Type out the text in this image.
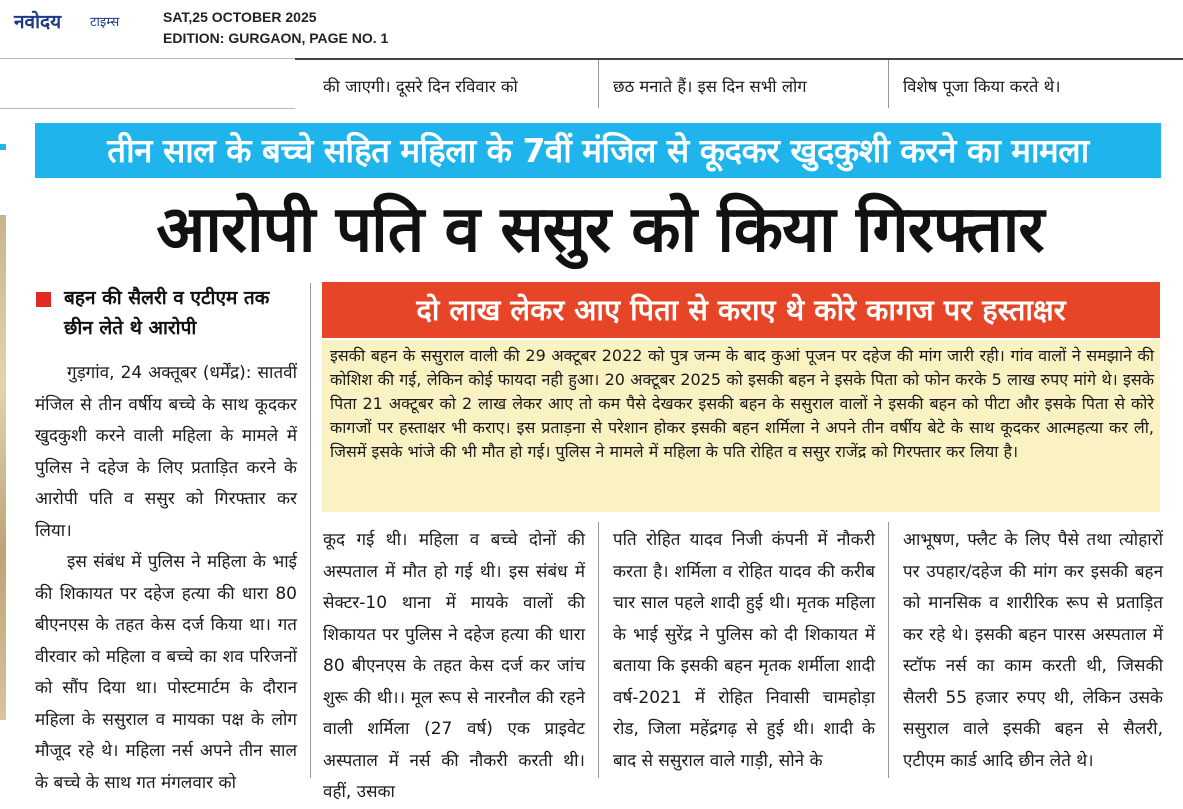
नवोदय टाइम्स	SAT,25 OCTOBER 2025
EDITION: GURGAON, PAGE NO. 1
की जाएगी। दूसरे दिन रविवार को	छठ मनाते हैं। इस दिन सभी लोग	विशेष पूजा किया करते थे।
तीन साल के बच्चे सहित महिला के 7वीं मंजिल से कूदकर खुदकुशी करने का मामला
आरोपी पति व ससुर को किया गिरफ्तार
दो लाख लेकर आए पिता से कराए थे कोरे कागज पर हस्ताक्षर
इसकी बहन के ससुराल वाली की 29 अक्टूबर 2022 को पुत्र जन्म के बाद कुआं पूजन पर दहेज की मांग जारी रही। गांव वालों ने समझाने की कोशिश की गई, लेकिन कोई फायदा नही हुआ। 20 अक्टूबर 2025 को इसकी बहन ने इसके पिता को फोन करके 5 लाख रुपए मांगे थे। इसके पिता 21 अक्टूबर को 2 लाख लेकर आए तो कम पैसे देखकर इसकी बहन के ससुराल वालों ने इसकी बहन को पीटा और इसके पिता से कोरे कागजों पर हस्ताक्षर भी कराए। इस प्रताड़ना से परेशान होकर इसकी बहन शर्मिला ने अपने तीन वर्षीय बेटे के साथ कूदकर आत्महत्या कर ली, जिसमें इसके भांजे की भी मौत हो गई। पुलिस ने मामले में महिला के पति रोहित व ससुर राजेंद्र को गिरफ्तार कर लिया है।
बहन की सैलरी व एटीएम तक छीन लेते थे आरोपी

गुड़गांव, 24 अक्तूबर (धर्मेंद्र): सातवीं मंजिल से तीन वर्षीय बच्चे के साथ कूदकर खुदकुशी करने वाली महिला के मामले में पुलिस ने दहेज के लिए प्रताड़ित करने के आरोपी पति व ससुर को गिरफ्तार कर लिया।

इस संबंध में पुलिस ने महिला के भाई की शिकायत पर दहेज हत्या की धारा 80 बीएनएस के तहत केस दर्ज किया था। गत वीरवार को महिला व बच्चे का शव परिजनों को सौंप दिया था। पोस्टमार्टम के दौरान महिला के ससुराल व मायका पक्ष के लोग मौजूद रहे थे। महिला नर्स अपने तीन साल के बच्चे के साथ गत मंगलवार को

कूद गई थी। महिला व बच्चे दोनों की अस्पताल में मौत हो गई थी। इस संबंध में सेक्टर-10 थाना में मायके वालों की शिकायत पर पुलिस ने दहेज हत्या की धारा 80 बीएनएस के तहत केस दर्ज कर जांच शुरू की थी।। मूल रूप से नारनौल की रहने वाली शर्मिला (27 वर्ष) एक प्राइवेट अस्पताल में नर्स की नौकरी करती थी। वहीं, उसका
पति रोहित यादव निजी कंपनी में नौकरी करता है। शर्मिला व रोहित यादव की करीब चार साल पहले शादी हुई थी। मृतक महिला के भाई सुरेंद्र ने पुलिस को दी शिकायत में बताया कि इसकी बहन मृतक शर्मीला शादी वर्ष-2021 में रोहित निवासी चामहोड़ा रोड, जिला महेंद्रगढ़ से हुई थी। शादी के बाद से ससुराल वाले गाड़ी, सोने के
आभूषण, फ्लैट के लिए पैसे तथा त्योहारों पर उपहार/दहेज की मांग कर इसकी बहन को मानसिक व शारीरिक रूप से प्रताड़ित कर रहे थे। इसकी बहन पारस अस्पताल में स्टॉफ नर्स का काम करती थी, जिसकी सैलरी 55 हजार रुपए थी, लेकिन उसके ससुराल वाले इसकी बहन से सैलरी, एटीएम कार्ड आदि छीन लेते थे।
